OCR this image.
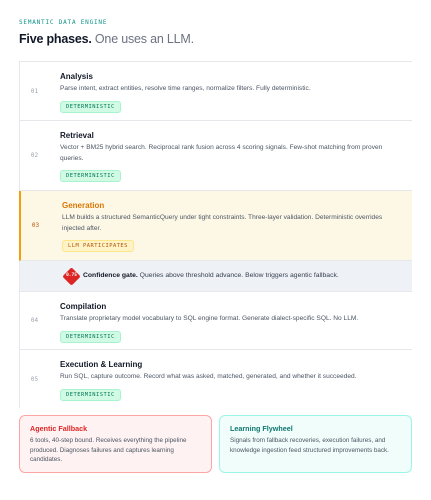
SEMANTIC DATA ENGINE
Five phases. One uses an LLM.
01
Analysis
Parse intent, extract entities, resolve time ranges, normalize filters. Fully deterministic.
DETERMINISTIC
02
Retrieval
Vector + BM25 hybrid search. Reciprocal rank fusion across 4 scoring signals. Few-shot matching from proven queries.
DETERMINISTIC
03
Generation
LLM builds a structured SemanticQuery under tight constraints. Three-layer validation. Deterministic overrides injected after.
LLM PARTICIPATES
0.75 Confidence gate. Queries above threshold advance. Below triggers agentic fallback.
04
Compilation
Translate proprietary model vocabulary to SQL engine format. Generate dialect-specific SQL. No LLM.
DETERMINISTIC
05
Execution & Learning
Run SQL, capture outcome. Record what was asked, matched, generated, and whether it succeeded.
DETERMINISTIC
Agentic Fallback
6 tools, 40-step bound. Receives everything the pipeline produced. Diagnoses failures and captures learning candidates.
Learning Flywheel
Signals from fallback recoveries, execution failures, and knowledge ingestion feed structured improvements back.
